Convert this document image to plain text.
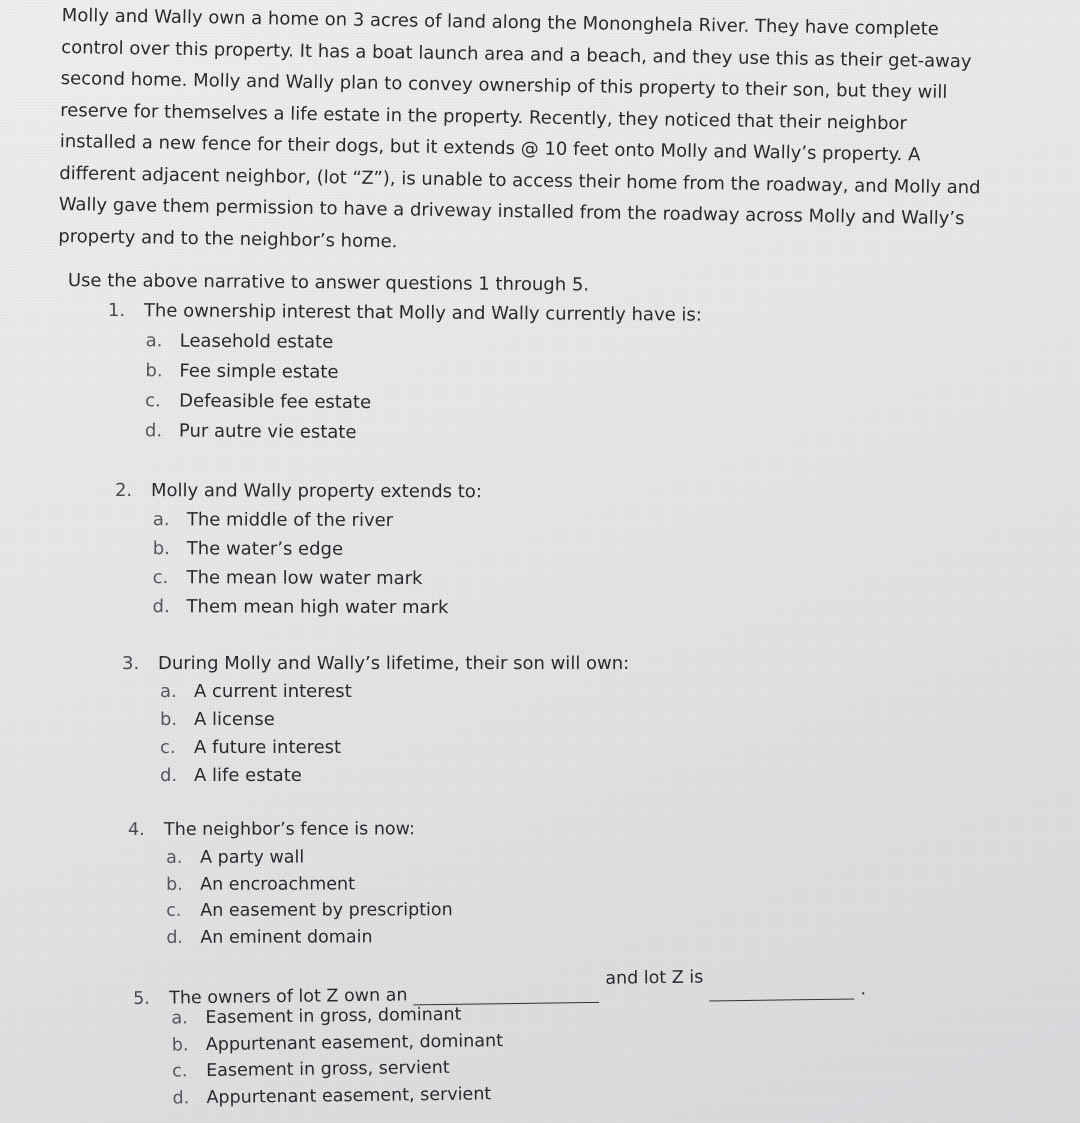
Molly and Wally own a home on 3 acres of land along the Mononghela River. They have complete
control over this property. It has a boat launch area and a beach, and they use this as their get-away
second home. Molly and Wally plan to convey ownership of this property to their son, but they will
reserve for themselves a life estate in the property. Recently, they noticed that their neighbor
installed a new fence for their dogs, but it extends @ 10 feet onto Molly and Wally’s property. A
different adjacent neighbor, (lot “Z”), is unable to access their home from the roadway, and Molly and
Wally gave them permission to have a driveway installed from the roadway across Molly and Wally’s
property and to the neighbor’s home.
Use the above narrative to answer questions 1 through 5.
1.	The ownership interest that Molly and Wally currently have is:
a. Leasehold estate
b. Fee simple estate
c.	Defeasible fee estate
d. Pur autre vie estate
2.	Molly and Wally property extends to:
a. The middle of the river
b. The water’s edge
c.	The mean low water mark
d. Them mean high water mark
3.	During Molly and Wally’s lifetime, their son will own:
a. A current interest
b. A license
c.	A future interest
d. A life estate
4.	The neighbor’s fence is now:
a.	A party wall
b. An encroachment
c.	An easement by prescription
d. An eminent domain
5.	The owners of lot Z own an
and lot Z is
.
a. Easement in gross, dominant
b. Appurtenant easement, dominant
c.	Easement in gross, servient
d. Appurtenant easement, servient
